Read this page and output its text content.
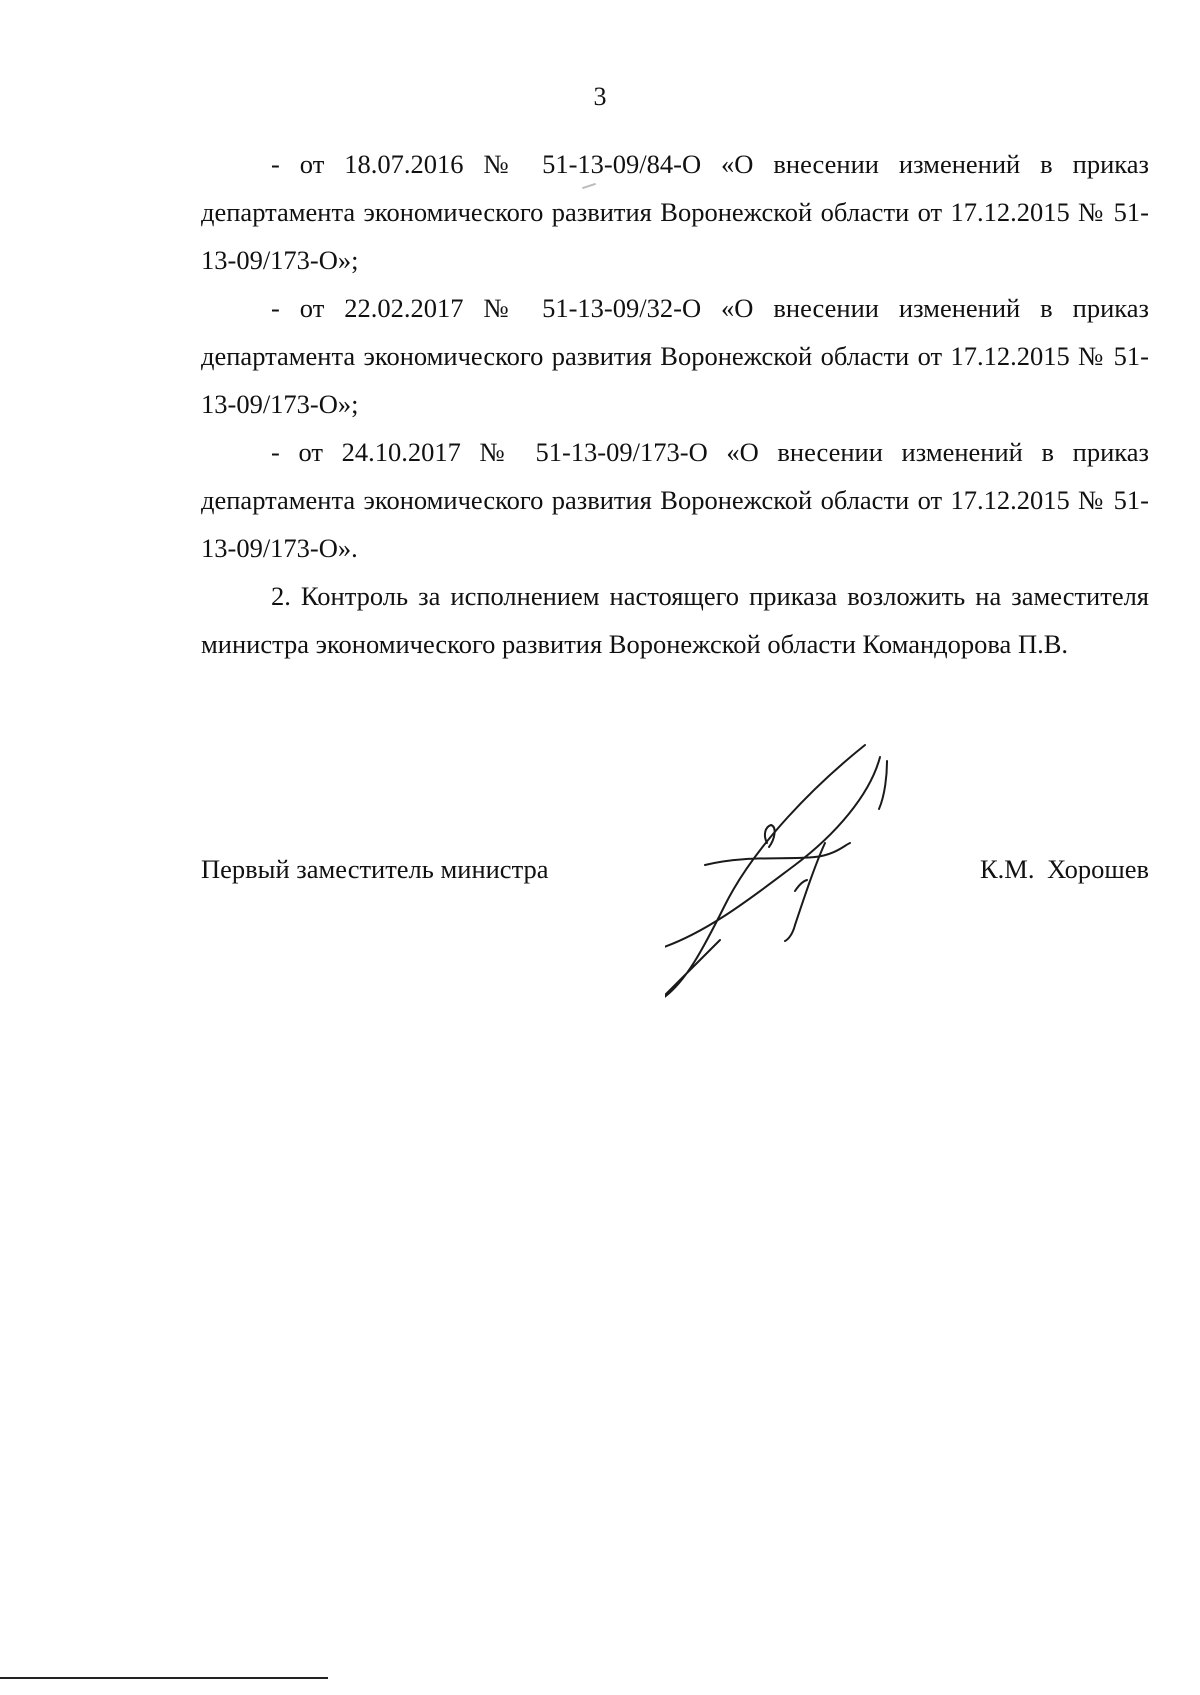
3

- от 18.07.2016 № 51-13-09/84-О «О внесении изменений в приказ департамента экономического развития Воронежской области от 17.12.2015 № 51-13-09/173-О»;

- от 22.02.2017 № 51-13-09/32-О «О внесении изменений в приказ департамента экономического развития Воронежской области от 17.12.2015 № 51-13-09/173-О»;

- от 24.10.2017 № 51-13-09/173-О «О внесении изменений в приказ департамента экономического развития Воронежской области от 17.12.2015 № 51-13-09/173-О».

2. Контроль за исполнением настоящего приказа возложить на заместителя министра экономического развития Воронежской области Командорова П.В.

Первый заместитель министра	К.М. Хорошев
